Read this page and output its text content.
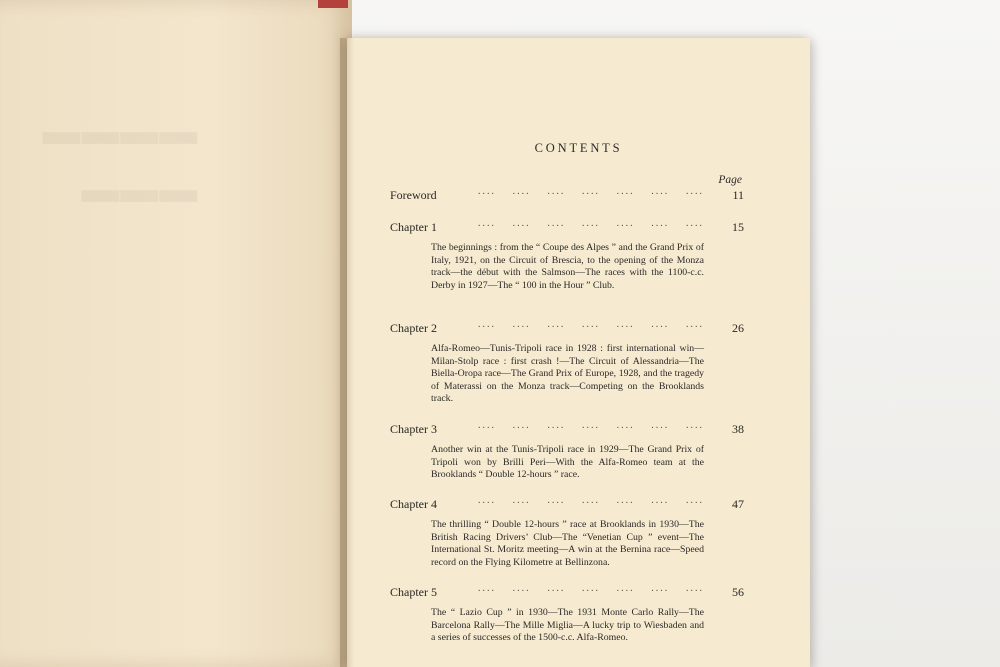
━━━━
━━━
CONTENTS
Page
Foreword	.... .... .... .... .... .... .... 11
Chapter 1	.... .... .... .... .... .... .... 15
The beginnings : from the “ Coupe des Alpes ” and the Grand Prix of Italy, 1921, on the Circuit of Brescia, to the opening of the Monza track—the début with the Salmson—The races with the 1100-c.c. Derby in 1927—The “ 100 in the Hour ” Club.
Chapter 2	.... .... .... .... .... .... .... 26
Alfa-Romeo—Tunis-Tripoli race in 1928 : first international win—Milan-Stolp race : first crash !—The Circuit of Alessandria—The Biella-Oropa race—The Grand Prix of Europe, 1928, and the tragedy of Materassi on the Monza track—Competing on the Brooklands track.
Chapter 3	.... .... .... .... .... .... .... 38
Another win at the Tunis-Tripoli race in 1929—The Grand Prix of Tripoli won by Brilli Peri—With the Alfa-Romeo team at the Brooklands “ Double 12-hours ” race.
Chapter 4	.... .... .... .... .... .... .... 47
The thrilling “ Double 12-hours ” race at Brooklands in 1930—The British Racing Drivers’ Club—The “Venetian Cup ” event—The International St. Moritz meeting—A win at the Bernina race—Speed record on the Flying Kilometre at Bellinzona.
Chapter 5	.... .... .... .... .... .... .... 56
The “ Lazio Cup ” in 1930—The 1931 Monte Carlo Rally—The Barcelona Rally—The Mille Miglia—A lucky trip to Wiesbaden and a series of successes of the 1500-c.c. Alfa-Romeo.
